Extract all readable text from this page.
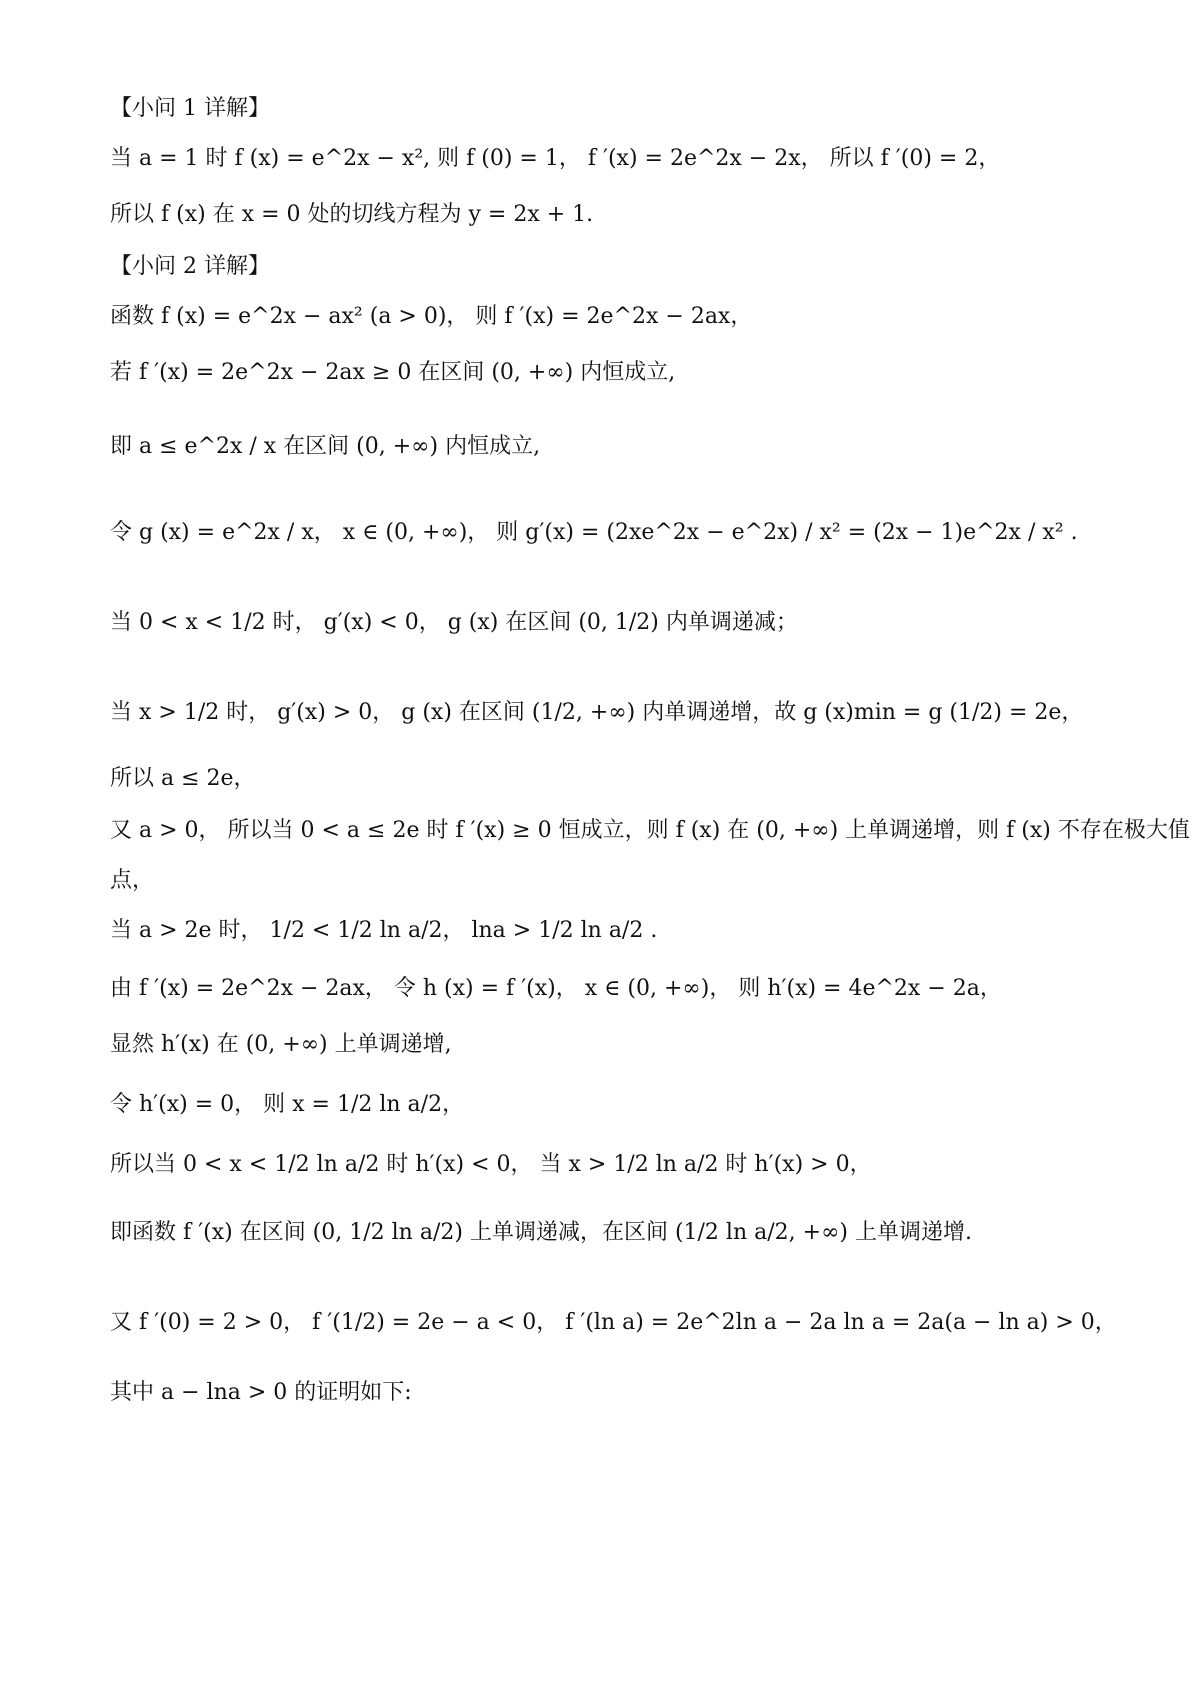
【小问 1 详解】
当 a = 1 时 f (x) = e^2x − x², 则 f (0) = 1， f ′(x) = 2e^2x − 2x， 所以 f ′(0) = 2，
所以 f (x) 在 x = 0 处的切线方程为 y = 2x + 1.
【小问 2 详解】
函数 f (x) = e^2x − ax² (a > 0)， 则 f ′(x) = 2e^2x − 2ax，
若 f ′(x) = 2e^2x − 2ax ≥ 0 在区间 (0, +∞) 内恒成立,
即 a ≤ e^2x / x 在区间 (0, +∞) 内恒成立,
令 g (x) = e^2x / x， x ∈ (0, +∞)， 则 g′(x) = (2xe^2x − e^2x) / x² = (2x − 1)e^2x / x² .
当 0 < x < 1/2 时， g′(x) < 0， g (x) 在区间 (0, 1/2) 内单调递减；
当 x > 1/2 时， g′(x) > 0， g (x) 在区间 (1/2, +∞) 内单调递增，故 g (x)min = g (1/2) = 2e，
所以 a ≤ 2e，
又 a > 0， 所以当 0 < a ≤ 2e 时 f ′(x) ≥ 0 恒成立，则 f (x) 在 (0, +∞) 上单调递增，则 f (x) 不存在极大值
点，
当 a > 2e 时， 1/2 < 1/2 ln a/2， lna > 1/2 ln a/2 .
由 f ′(x) = 2e^2x − 2ax， 令 h (x) = f ′(x)， x ∈ (0, +∞)， 则 h′(x) = 4e^2x − 2a，
显然 h′(x) 在 (0, +∞) 上单调递增,
令 h′(x) = 0， 则 x = 1/2 ln a/2，
所以当 0 < x < 1/2 ln a/2 时 h′(x) < 0， 当 x > 1/2 ln a/2 时 h′(x) > 0，
即函数 f ′(x) 在区间 (0, 1/2 ln a/2) 上单调递减，在区间 (1/2 ln a/2, +∞) 上单调递增.
又 f ′(0) = 2 > 0， f ′(1/2) = 2e − a < 0， f ′(ln a) = 2e^2ln a − 2a ln a = 2a(a − ln a) > 0，
其中 a − lna > 0 的证明如下:
